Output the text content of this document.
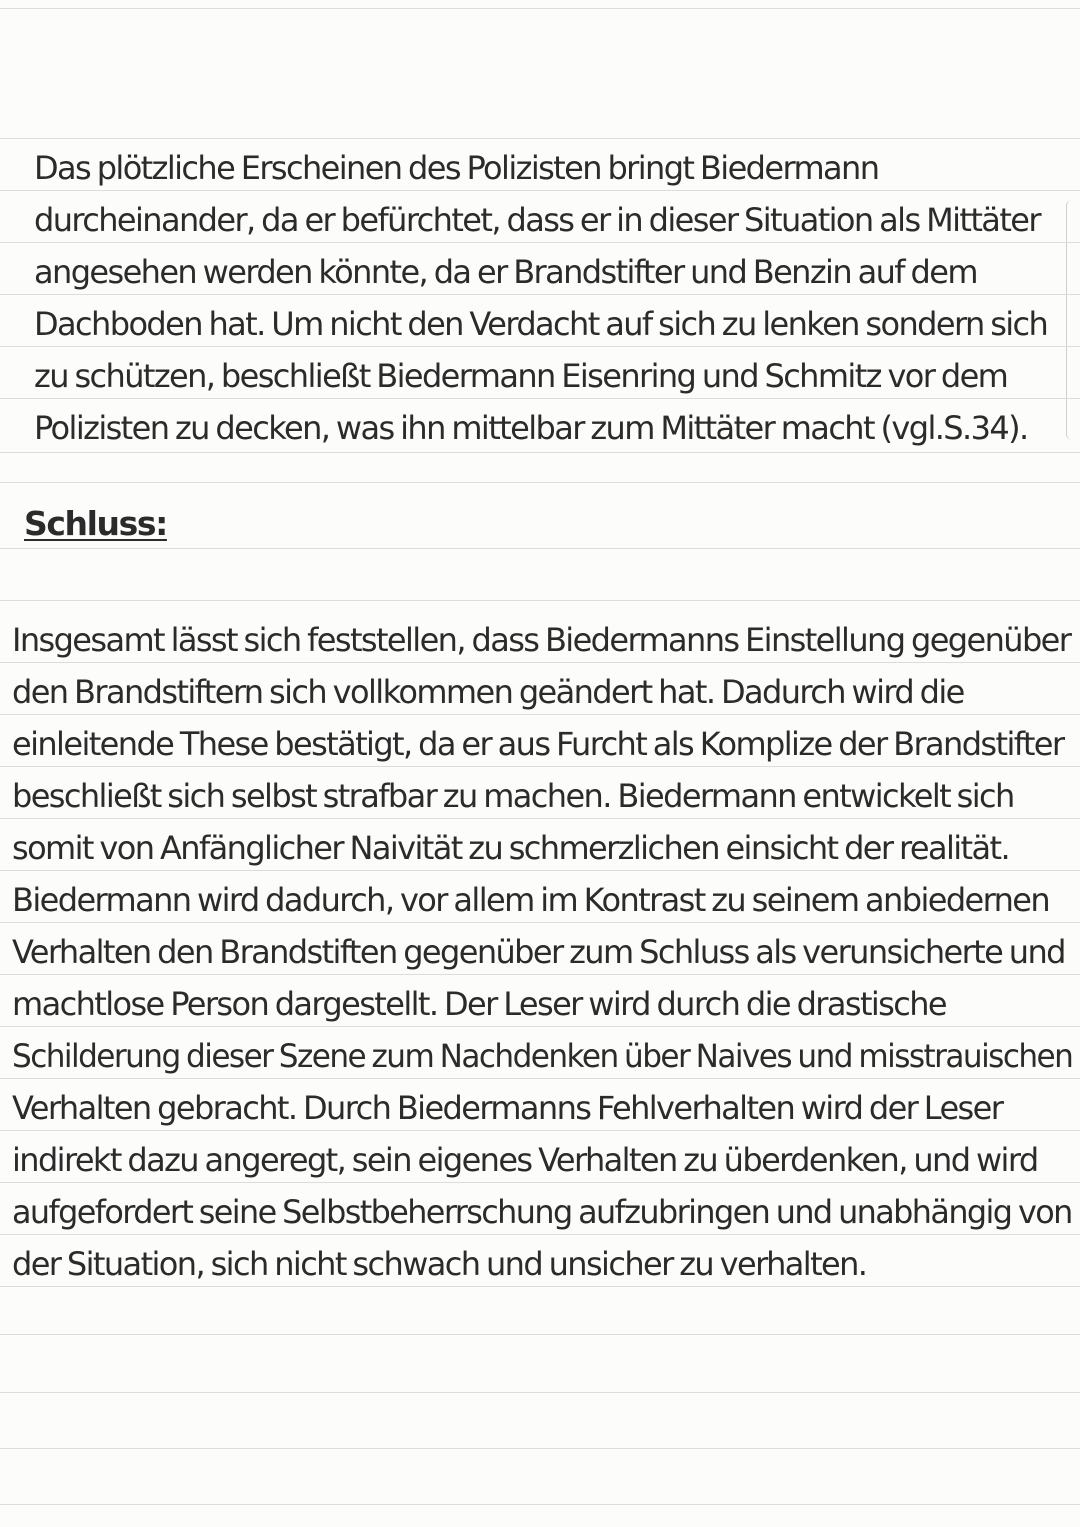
Das plötzliche Erscheinen des Polizisten bringt Biedermann
durcheinander, da er befürchtet, dass er in dieser Situation als Mittäter
angesehen werden könnte, da er Brandstifter und Benzin auf dem
Dachboden hat. Um nicht den Verdacht auf sich zu lenken sondern sich
zu schützen, beschließt Biedermann Eisenring und Schmitz vor dem
Polizisten zu decken, was ihn mittelbar zum Mittäter macht (vgl.S.34).
Schluss:
Insgesamt lässt sich feststellen, dass Biedermanns Einstellung gegenüber
den Brandstiftern sich vollkommen geändert hat. Dadurch wird die
einleitende These bestätigt, da er aus Furcht als Komplize der Brandstifter
beschließt sich selbst strafbar zu machen. Biedermann entwickelt sich
somit von Anfänglicher Naivität zu schmerzlichen einsicht der realität.
Biedermann wird dadurch, vor allem im Kontrast zu seinem anbiedernen
Verhalten den Brandstiften gegenüber zum Schluss als verunsicherte und
machtlose Person dargestellt. Der Leser wird durch die drastische
Schilderung dieser Szene zum Nachdenken über Naives und misstrauischen
Verhalten gebracht. Durch Biedermanns Fehlverhalten wird der Leser
indirekt dazu angeregt, sein eigenes Verhalten zu überdenken, und wird
aufgefordert seine Selbstbeherrschung aufzubringen und unabhängig von
der Situation, sich nicht schwach und unsicher zu verhalten.
